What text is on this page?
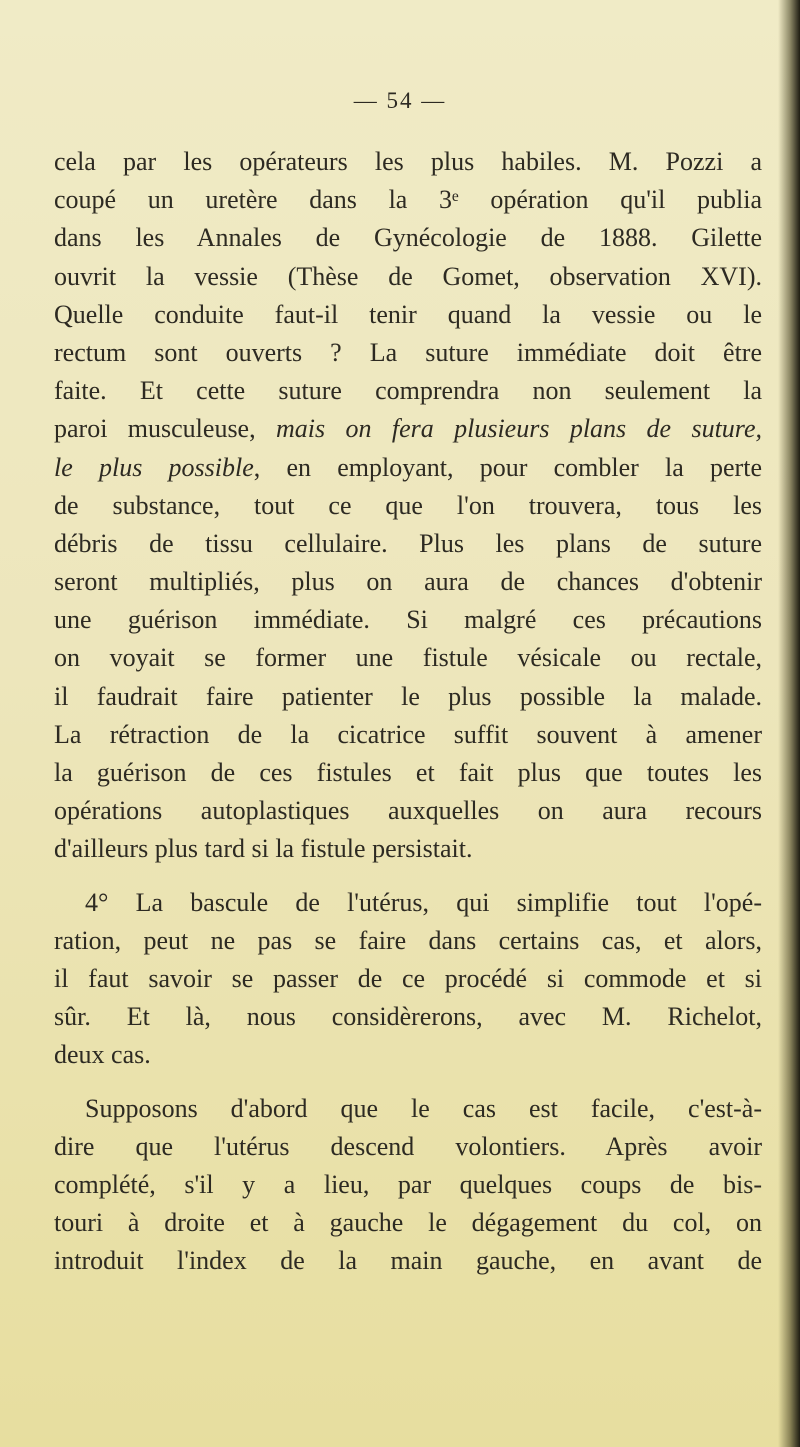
— 54 —
cela par les opérateurs les plus habiles. M. Pozzi a
coupé un uretère dans la 3ᵉ opération qu'il publia
dans les Annales de Gynécologie de 1888. Gilette
ouvrit la vessie (Thèse de Gomet, observation XVI).
Quelle conduite faut-il tenir quand la vessie ou le
rectum sont ouverts ? La suture immédiate doit être
faite. Et cette suture comprendra non seulement la
paroi musculeuse, mais on fera plusieurs plans de suture,
le plus possible, en employant, pour combler la perte
de substance, tout ce que l'on trouvera, tous les
débris de tissu cellulaire. Plus les plans de suture
seront multipliés, plus on aura de chances d'obtenir
une guérison immédiate. Si malgré ces précautions
on voyait se former une fistule vésicale ou rectale,
il faudrait faire patienter le plus possible la malade.
La rétraction de la cicatrice suffit souvent à amener
la guérison de ces fistules et fait plus que toutes les
opérations autoplastiques auxquelles on aura recours
d'ailleurs plus tard si la fistule persistait.
4° La bascule de l'utérus, qui simplifie tout l'opé-
ration, peut ne pas se faire dans certains cas, et alors,
il faut savoir se passer de ce procédé si commode et si
sûr. Et là, nous considèrerons, avec M. Richelot,
deux cas.
Supposons d'abord que le cas est facile, c'est-à-
dire que l'utérus descend volontiers. Après avoir
complété, s'il y a lieu, par quelques coups de bis-
touri à droite et à gauche le dégagement du col, on
introduit l'index de la main gauche, en avant de
